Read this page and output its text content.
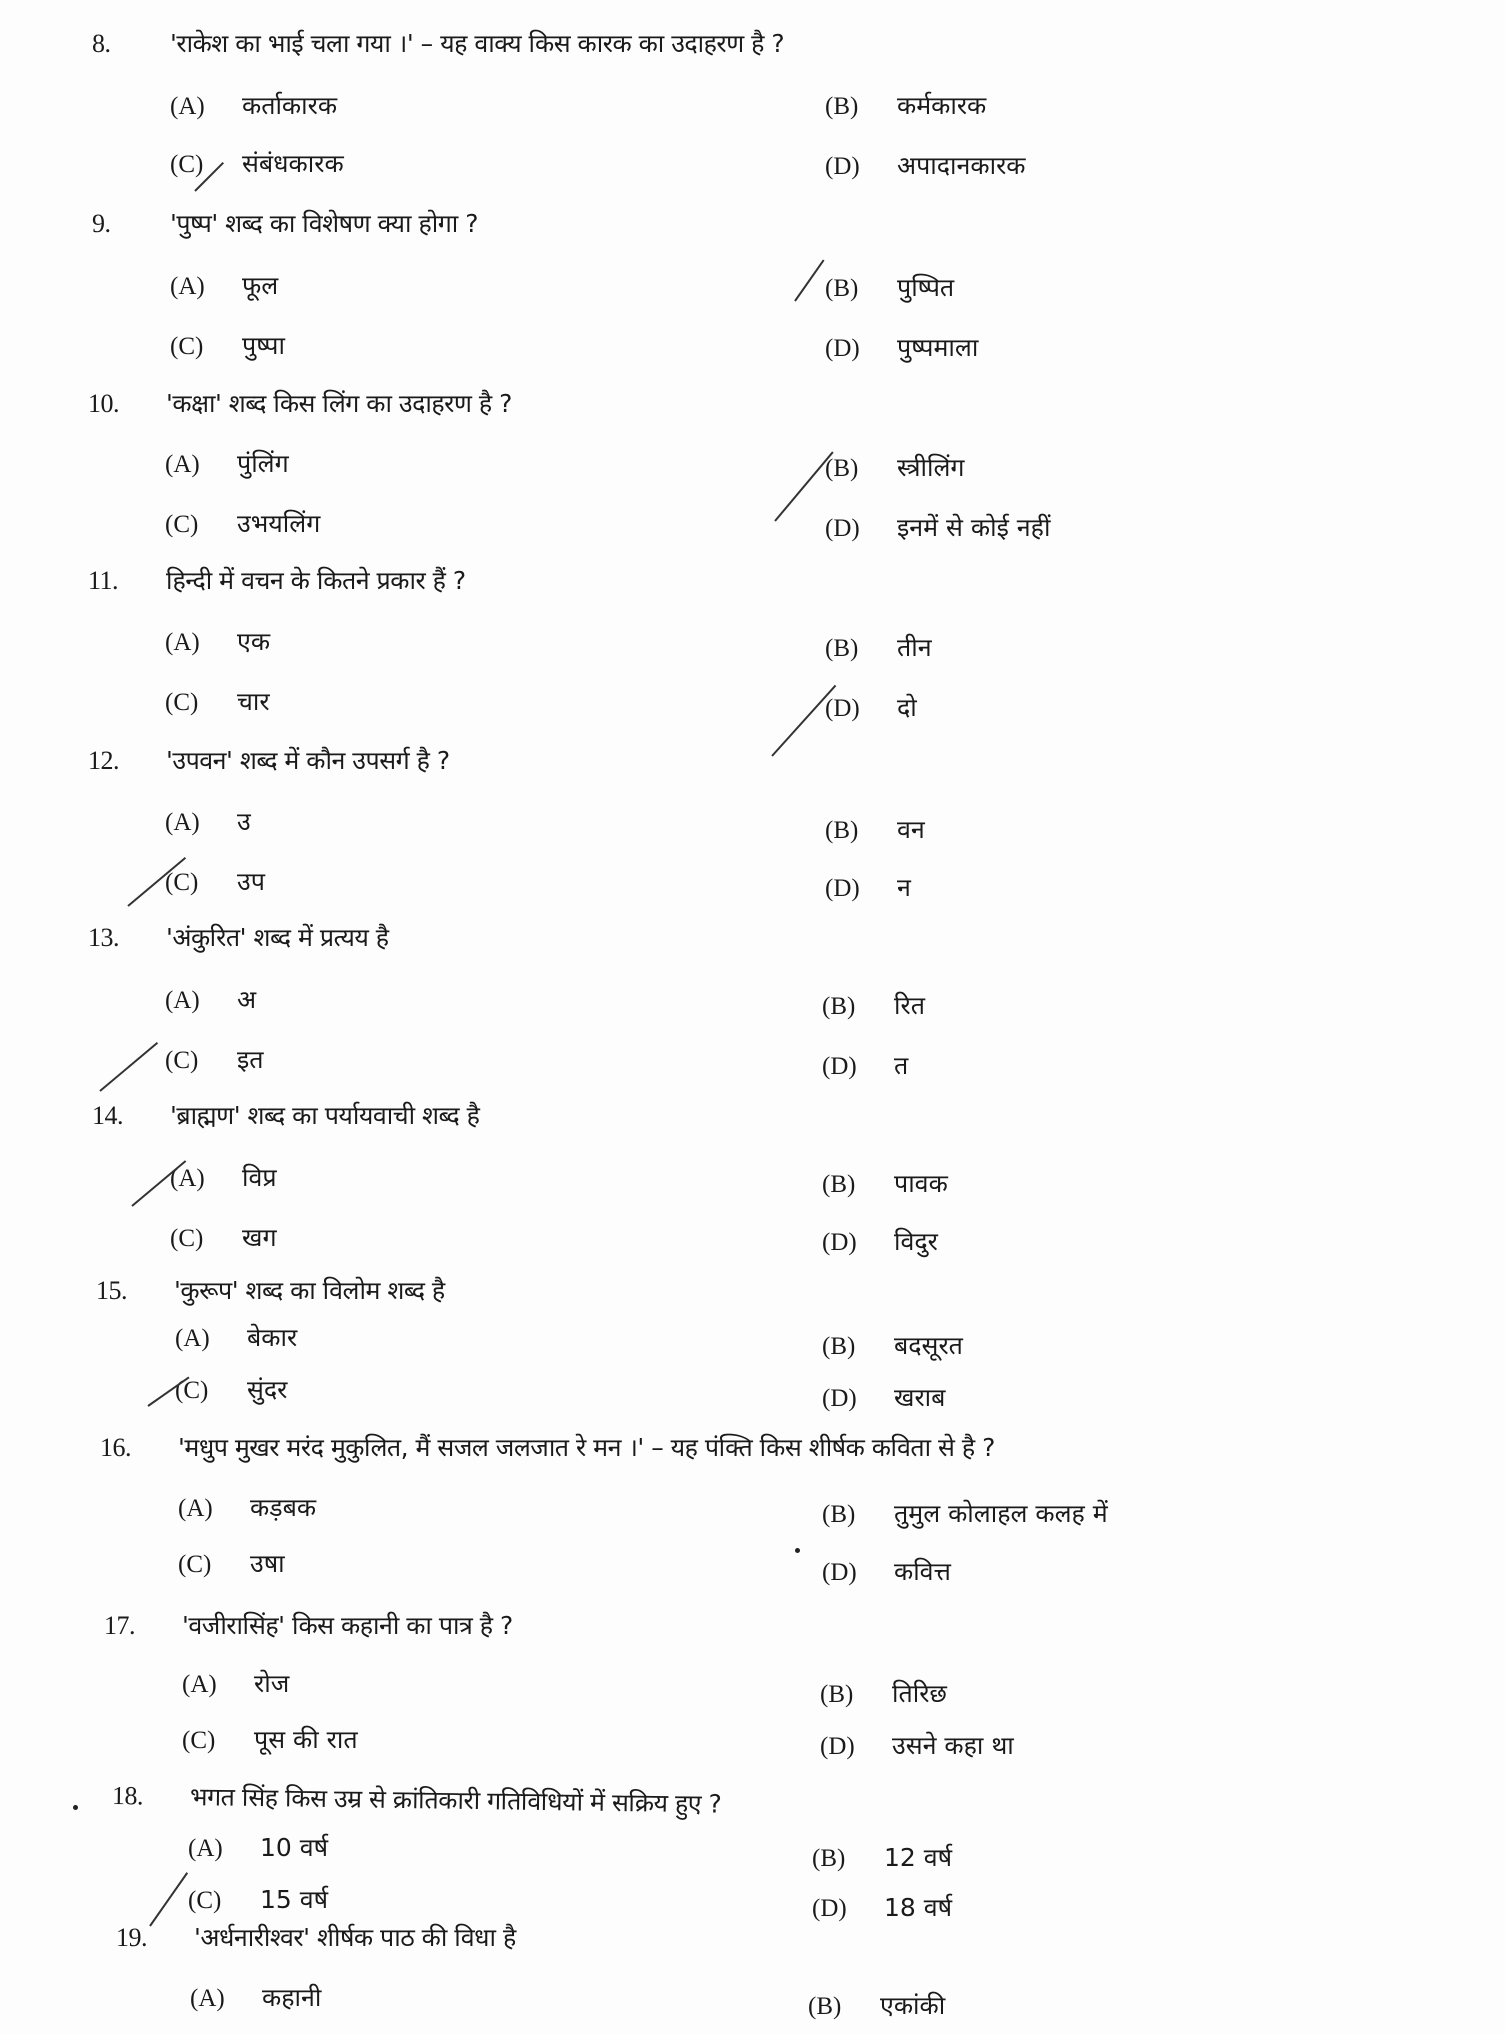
8. 'राकेश का भाई चला गया ।' – यह वाक्य किस कारक का उदाहरण है ?
(A) कर्ताकारक	(B) कर्मकारक
(C) संबंधकारक	(D) अपादानकारक
9. 'पुष्प' शब्द का विशेषण क्या होगा ?
(A) फूल	(B) पुष्पित
(C) पुष्पा	(D) पुष्पमाला
10. 'कक्षा' शब्द किस लिंग का उदाहरण है ?
(A) पुंलिंग	(B) स्त्रीलिंग
(C) उभयलिंग	(D) इनमें से कोई नहीं
11. हिन्दी में वचन के कितने प्रकार हैं ?
(A) एक	(B) तीन
(C) चार	(D) दो
12. 'उपवन' शब्द में कौन उपसर्ग है ?
(A) उ	(B) वन
(C) उप	(D) न
13. 'अंकुरित' शब्द में प्रत्यय है
(A) अ	(B) रित
(C) इत	(D) त
14. 'ब्राह्मण' शब्द का पर्यायवाची शब्द है
(A) विप्र	(B) पावक
(C) खग	(D) विदुर
15. 'कुरूप' शब्द का विलोम शब्द है
(A) बेकार	(B) बदसूरत
(C) सुंदर	(D) खराब
16. 'मधुप मुखर मरंद मुकुलित, मैं सजल जलजात रे मन ।' – यह पंक्ति किस शीर्षक कविता से है ?
(A) कड़बक	(B) तुमुल कोलाहल कलह में
(C) उषा	(D) कवित्त
17. 'वजीरासिंह' किस कहानी का पात्र है ?
(A) रोज	(B) तिरिछ
(C) पूस की रात	(D) उसने कहा था
18. भगत सिंह किस उम्र से क्रांतिकारी गतिविधियों में सक्रिय हुए ?
(A) 10 वर्ष	(B) 12 वर्ष
(C) 15 वर्ष	(D) 18 वर्ष
19. 'अर्धनारीश्वर' शीर्षक पाठ की विधा है
(A) कहानी	(B) एकांकी
